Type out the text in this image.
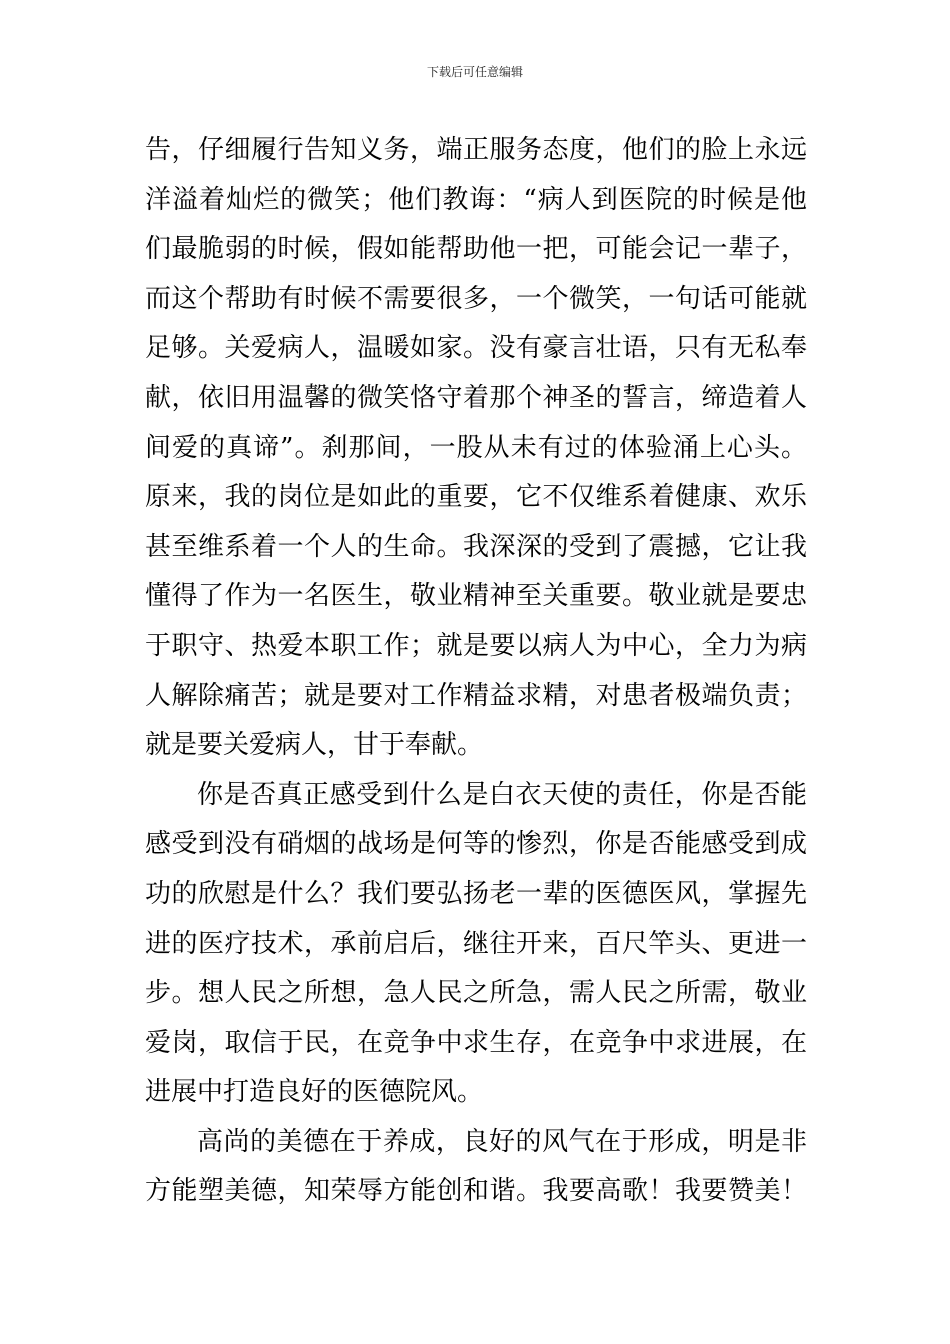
下载后可任意编辑
告，仔细履行告知义务，端正服务态度，他们的脸上永远
洋溢着灿烂的微笑；他们教诲：“病人到医院的时候是他
们最脆弱的时候，假如能帮助他一把，可能会记一辈子，
而这个帮助有时候不需要很多，一个微笑，一句话可能就
足够。关爱病人，温暖如家。没有豪言壮语，只有无私奉
献，依旧用温馨的微笑恪守着那个神圣的誓言，缔造着人
间爱的真谛”。刹那间，一股从未有过的体验涌上心头。
原来，我的岗位是如此的重要，它不仅维系着健康、欢乐
甚至维系着一个人的生命。我深深的受到了震撼，它让我
懂得了作为一名医生，敬业精神至关重要。敬业就是要忠
于职守、热爱本职工作；就是要以病人为中心，全力为病
人解除痛苦；就是要对工作精益求精，对患者极端负责；
就是要关爱病人，甘于奉献。
你是否真正感受到什么是白衣天使的责任，你是否能
感受到没有硝烟的战场是何等的惨烈，你是否能感受到成
功的欣慰是什么？我们要弘扬老一辈的医德医风，掌握先
进的医疗技术，承前启后，继往开来，百尺竿头、更进一
步。想人民之所想，急人民之所急，需人民之所需，敬业
爱岗，取信于民，在竞争中求生存，在竞争中求进展，在
进展中打造良好的医德院风。
高尚的美德在于养成，良好的风气在于形成，明是非
方能塑美德，知荣辱方能创和谐。我要高歌！我要赞美！
